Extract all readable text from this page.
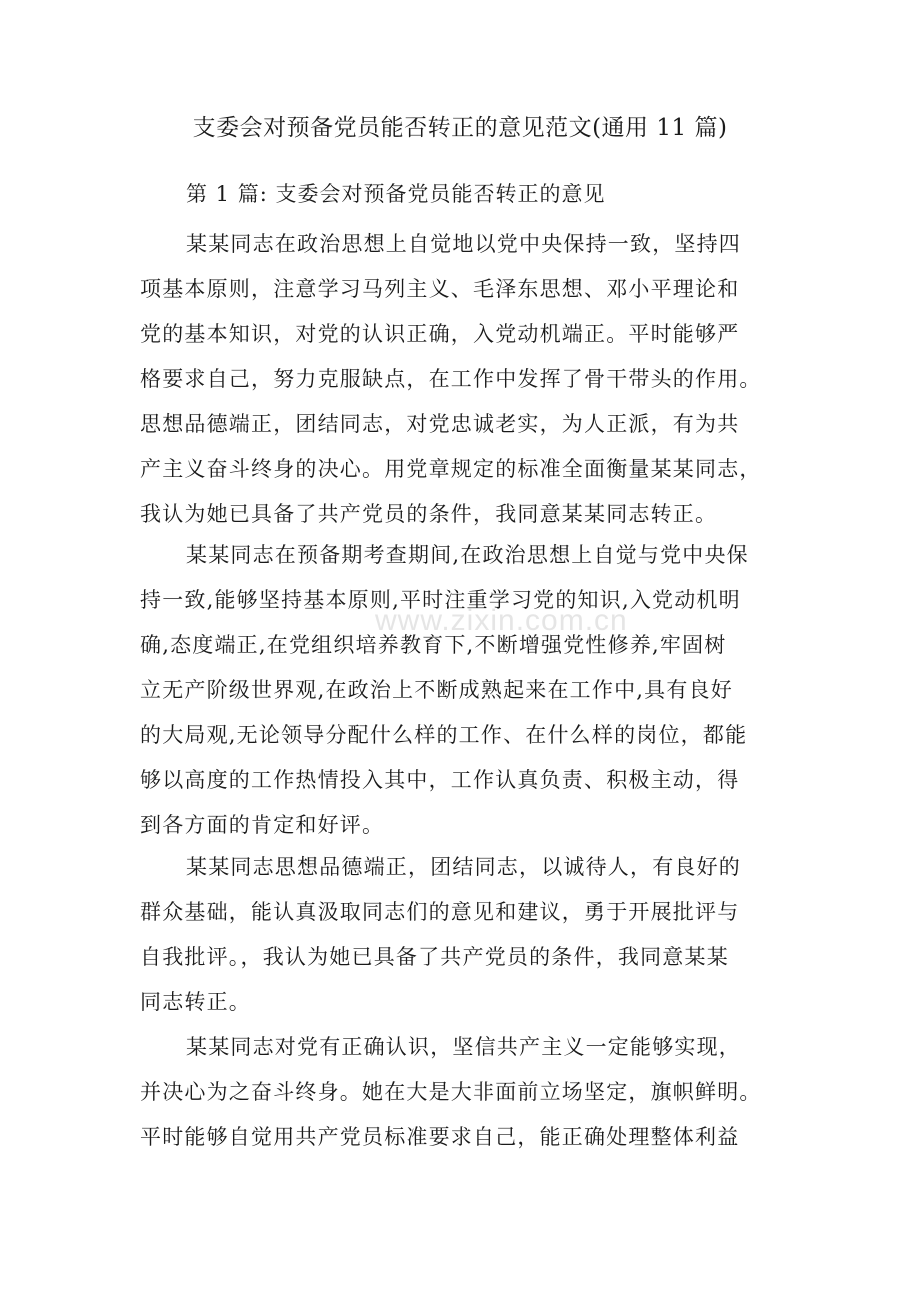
支委会对预备党员能否转正的意见范文(通用 11 篇)
第 1 篇: 支委会对预备党员能否转正的意见
某某同志在政治思想上自觉地以党中央保持一致，坚持四
项基本原则，注意学习马列主义、毛泽东思想、邓小平理论和
党的基本知识，对党的认识正确，入党动机端正。平时能够严
格要求自己，努力克服缺点，在工作中发挥了骨干带头的作用。
思想品德端正，团结同志，对党忠诚老实，为人正派，有为共
产主义奋斗终身的决心。用党章规定的标准全面衡量某某同志，
我认为她已具备了共产党员的条件，我同意某某同志转正。
某某同志在预备期考查期间,在政治思想上自觉与党中央保
持一致,能够坚持基本原则,平时注重学习党的知识,入党动机明
确,态度端正,在党组织培养教育下,不断增强党性修养,牢固树
立无产阶级世界观,在政治上不断成熟起来在工作中,具有良好
的大局观,无论领导分配什么样的工作、在什么样的岗位，都能
够以高度的工作热情投入其中，工作认真负责、积极主动，得
到各方面的肯定和好评。
某某同志思想品德端正，团结同志，以诚待人，有良好的
群众基础，能认真汲取同志们的意见和建议，勇于开展批评与
自我批评。，我认为她已具备了共产党员的条件，我同意某某
同志转正。
某某同志对党有正确认识，坚信共产主义一定能够实现，
并决心为之奋斗终身。她在大是大非面前立场坚定，旗帜鲜明。
平时能够自觉用共产党员标准要求自己，能正确处理整体利益
www.zixin.com.cn
